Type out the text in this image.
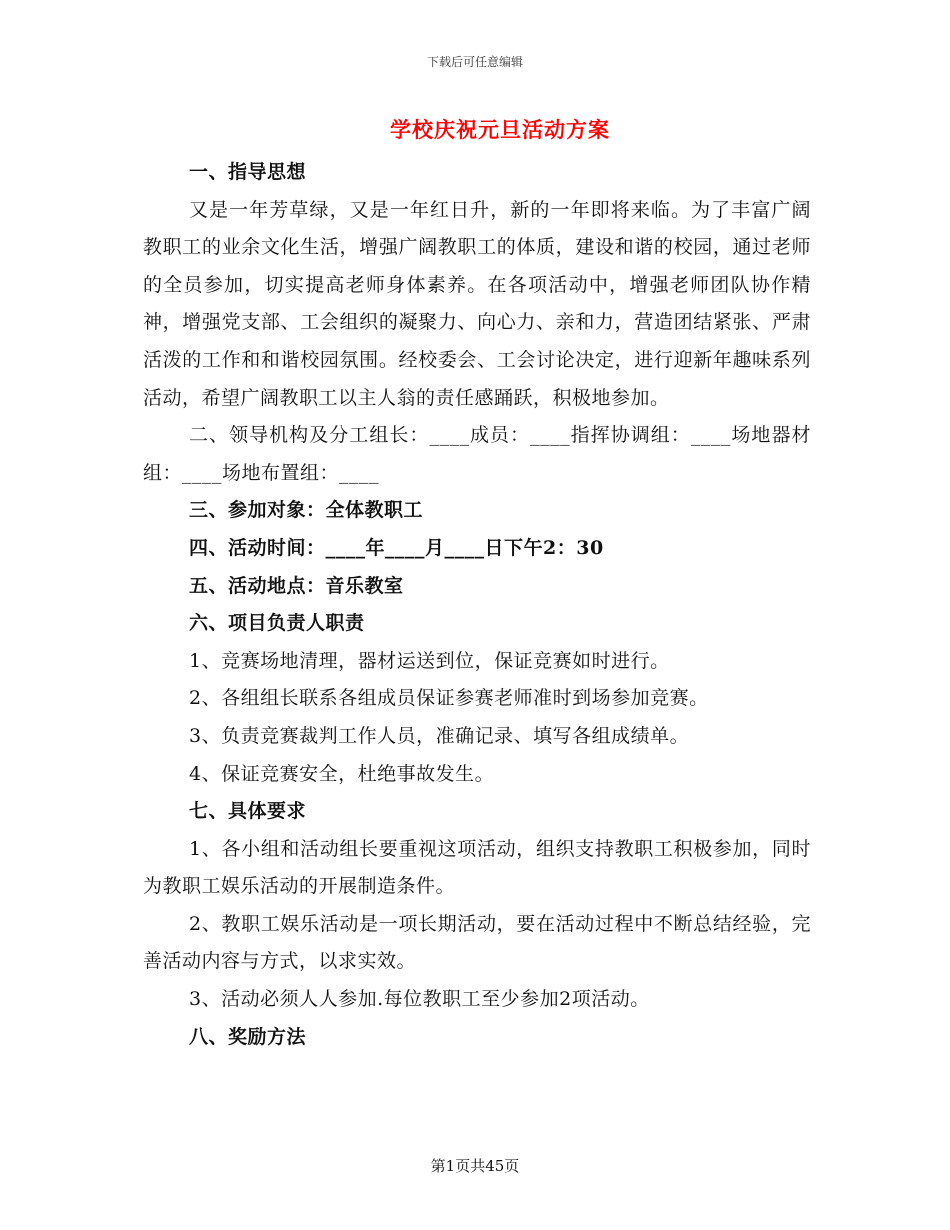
下载后可任意编辑
学校庆祝元旦活动方案

一、指导思想

又是一年芳草绿，又是一年红日升，新的一年即将来临。为了丰富广阔教职工的业余文化生活，增强广阔教职工的体质，建设和谐的校园，通过老师的全员参加，切实提高老师身体素养。在各项活动中，增强老师团队协作精神，增强党支部、工会组织的凝聚力、向心力、亲和力，营造团结紧张、严肃活泼的工作和和谐校园氛围。经校委会、工会讨论决定，进行迎新年趣味系列活动，希望广阔教职工以主人翁的责任感踊跃，积极地参加。

二、领导机构及分工组长：____成员：____指挥协调组：____场地器材组：____场地布置组：____

三、参加对象：全体教职工

四、活动时间：____年____月____日下午2：30

五、活动地点：音乐教室

六、项目负责人职责

1、竞赛场地清理，器材运送到位，保证竞赛如时进行。

2、各组组长联系各组成员保证参赛老师准时到场参加竞赛。

3、负责竞赛裁判工作人员，准确记录、填写各组成绩单。

4、保证竞赛安全，杜绝事故发生。

七、具体要求

1、各小组和活动组长要重视这项活动，组织支持教职工积极参加，同时为教职工娱乐活动的开展制造条件。

2、教职工娱乐活动是一项长期活动，要在活动过程中不断总结经验，完善活动内容与方式，以求实效。

3、活动必须人人参加.每位教职工至少参加2项活动。

八、奖励方法

第1页共45页
